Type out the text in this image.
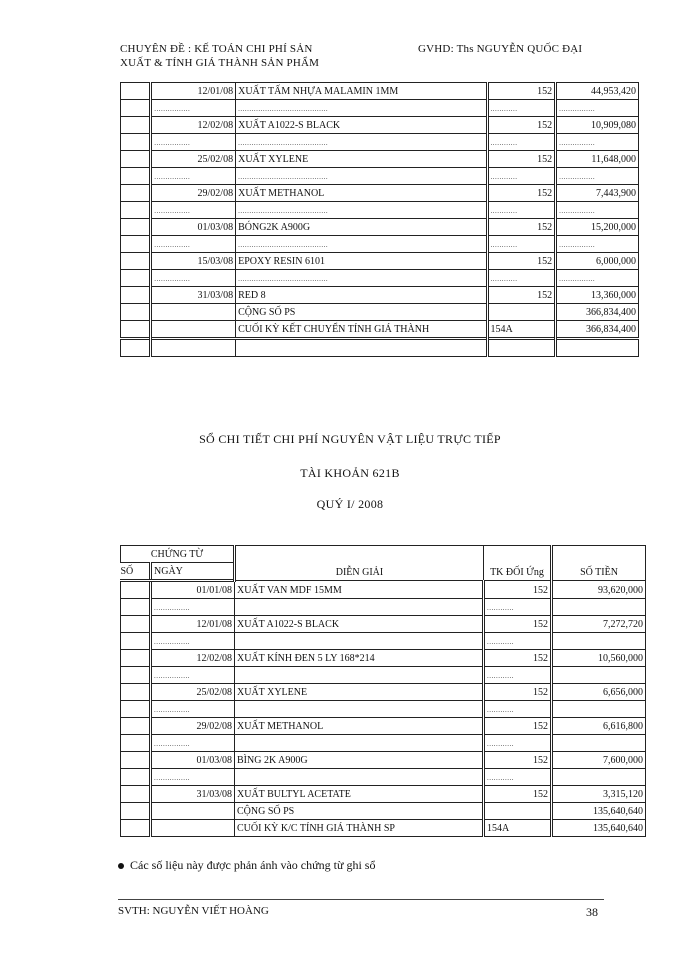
CHUYÊN ĐỀ : KẾ TOÁN CHI PHÍ SẢN
XUẤT & TÍNH GIÁ THÀNH SẢN PHẨM
GVHD: Ths NGUYỄN QUỐC ĐẠI
	12/01/08	XUẤT TẤM NHỰA MALAMIN 1MM	152	44,953,420
	................	........................................	............	................
	12/02/08	XUẤT A1022-S BLACK	152	10,909,080
	................	........................................	............	................
	25/02/08	XUẤT XYLENE	152	11,648,000
	................	........................................	............	................
	29/02/08	XUẤT METHANOL	152	7,443,900
	................	........................................	............	................
	01/03/08	BÓNG2K A900G	152	15,200,000
	................	........................................	............	................
	15/03/08	EPOXY RESIN 6101	152	6,000,000
	................	........................................	............	................
	31/03/08	RED 8	152	13,360,000
		CỘNG SỐ PS		366,834,400
		CUỐI KỲ KẾT CHUYỂN TÍNH GIÁ THÀNH	154A	366,834,400

SỔ CHI TIẾT CHI PHÍ NGUYÊN VẬT LIỆU TRỰC TIẾP
TÀI KHOẢN 621B
QUÝ I/ 2008
CHỨNG TỪ		DIỄN GIẢI	TK ĐỐI Ứng	SỐ TIỀN
SỐ	NGÀY			
	01/01/08	XUẤT VAN MDF 15MM	152	93,620,000
	................		............	
	12/01/08	XUẤT A1022-S BLACK	152	7,272,720
	................		............	
	12/02/08	XUẤT KÍNH ĐEN 5 LY 168*214	152	10,560,000
	................		............	
	25/02/08	XUẤT XYLENE	152	6,656,000
	................		............	
	29/02/08	XUẤT METHANOL	152	6,616,800
	................		............	
	01/03/08	BÌNG 2K A900G	152	7,600,000
	................		............	
	31/03/08	XUẤT BULTYL ACETATE	152	3,315,120
		CỘNG SỐ PS		135,640,640
		CUỐI KỲ K/C TÍNH GIÁ THÀNH SP	154A	135,640,640
Các số liệu này được phản ánh vào chứng từ ghi sổ
SVTH: NGUYỄN VIẾT HOÀNG	38
